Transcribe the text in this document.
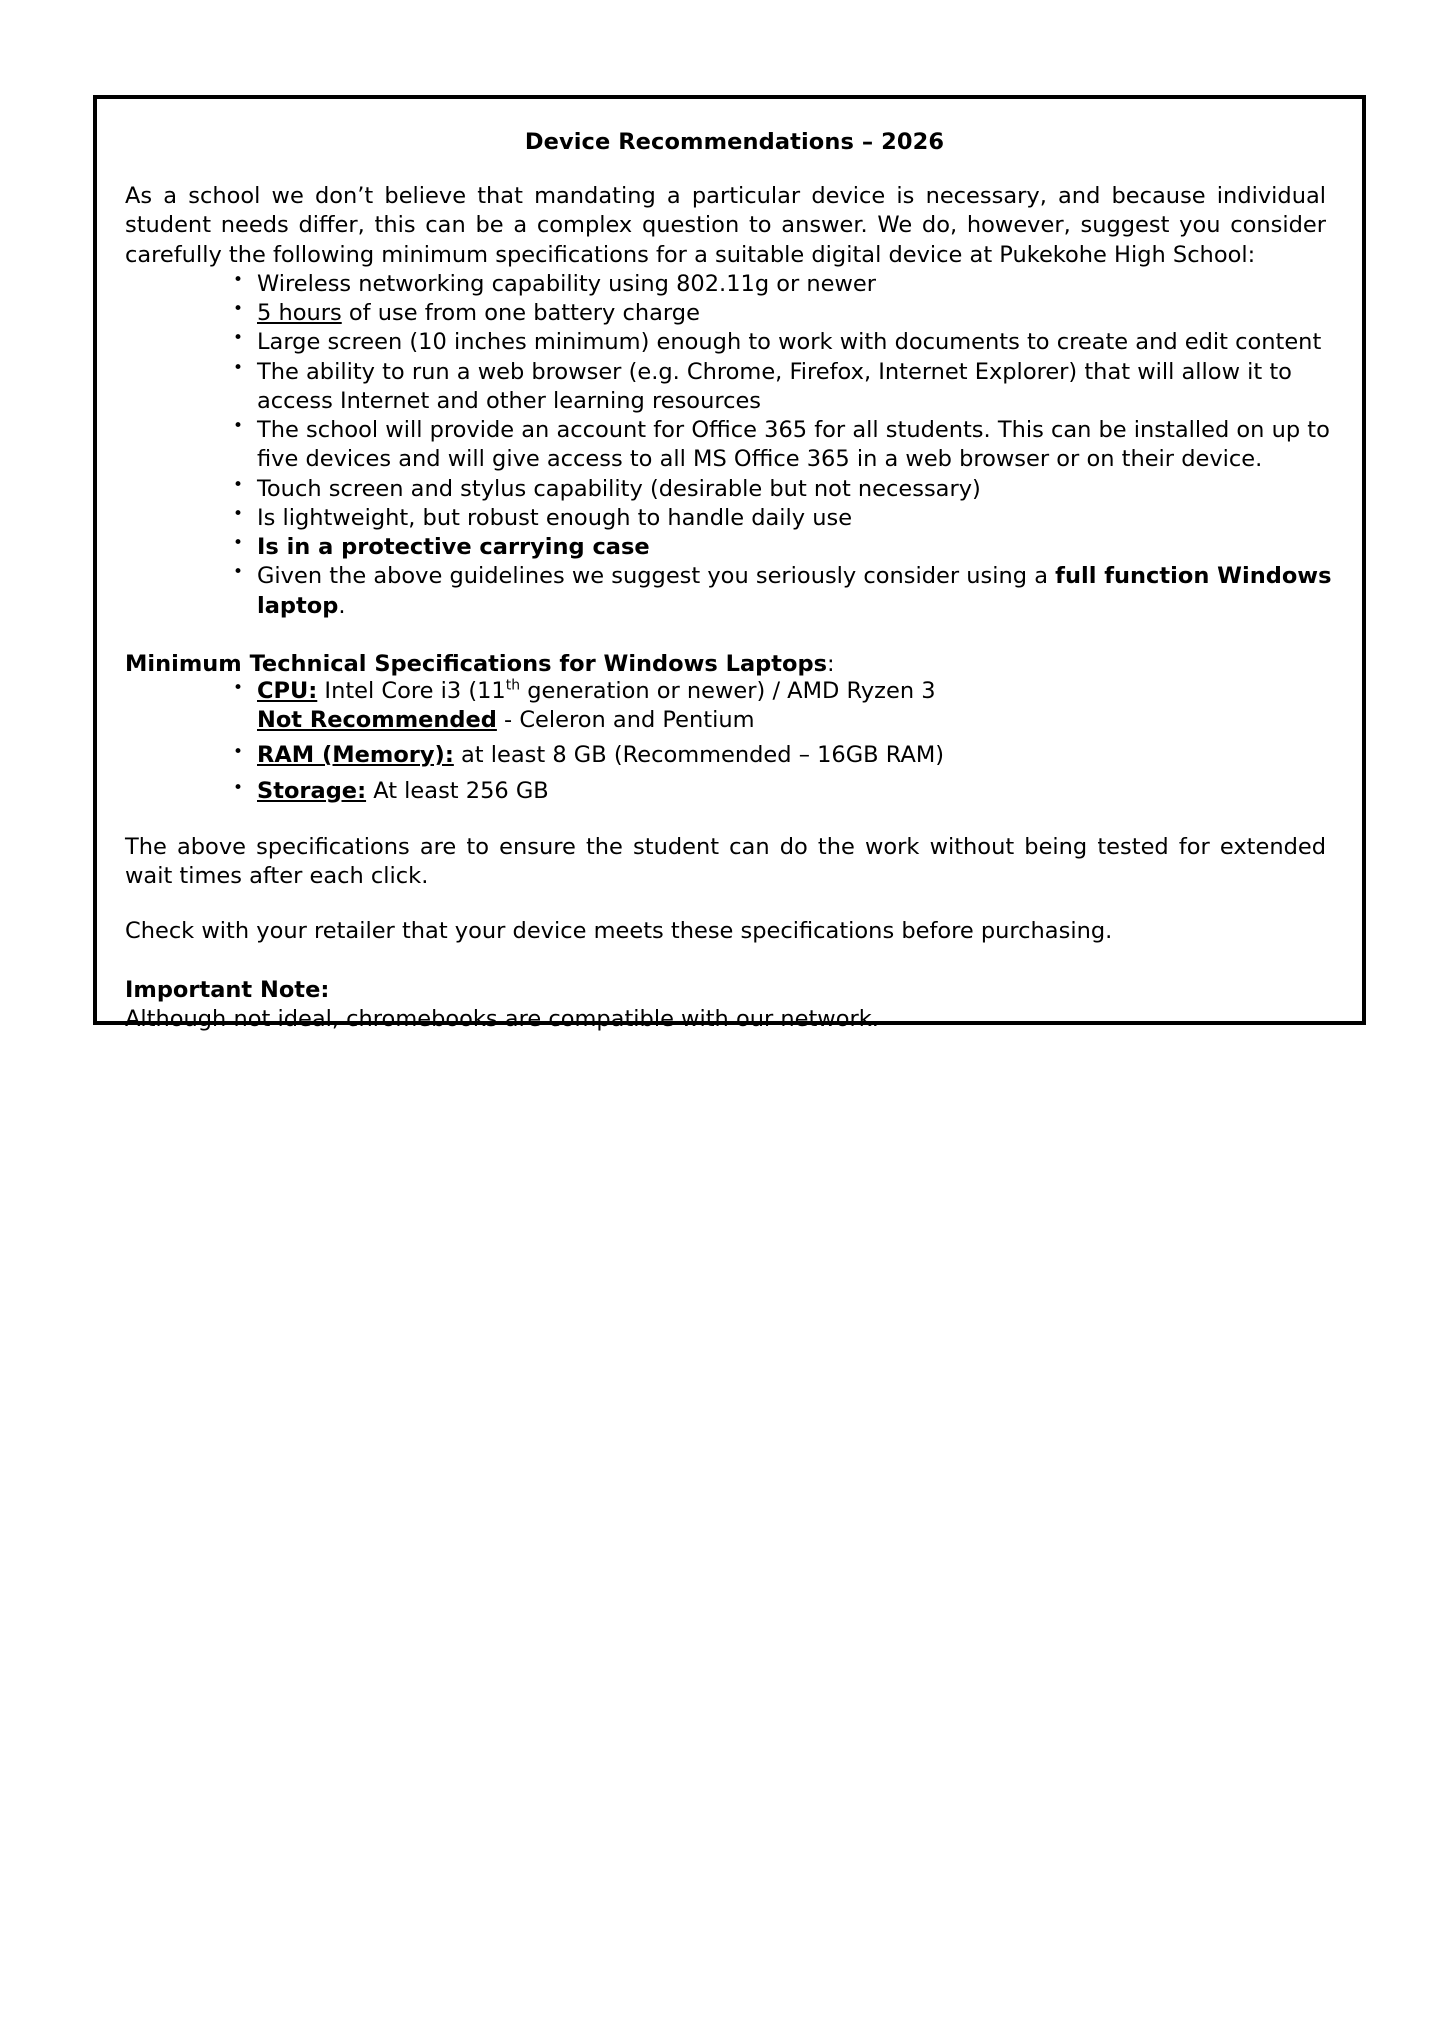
Device Recommendations – 2026

As a school we don’t believe that mandating a particular device is necessary, and because individual student needs differ, this can be a complex question to answer. We do, however, suggest you consider carefully the following minimum specifications for a suitable digital device at Pukekohe High School:

• Wireless networking capability using 802.11g or newer
• 5 hours of use from one battery charge
• Large screen (10 inches minimum) enough to work with documents to create and edit content
• The ability to run a web browser (e.g. Chrome, Firefox, Internet Explorer) that will allow it to access Internet and other learning resources
• The school will provide an account for Office 365 for all students. This can be installed on up to five devices and will give access to all MS Office 365 in a web browser or on their device.
• Touch screen and stylus capability (desirable but not necessary)
• Is lightweight, but robust enough to handle daily use
• Is in a protective carrying case
• Given the above guidelines we suggest you seriously consider using a full function Windows laptop.

Minimum Technical Specifications for Windows Laptops:

• CPU: Intel Core i3 (11th generation or newer) / AMD Ryzen 3
Not Recommended - Celeron and Pentium
• RAM (Memory): at least 8 GB (Recommended – 16GB RAM)
• Storage: At least 256 GB

The above specifications are to ensure the student can do the work without being tested for extended wait times after each click.

Check with your retailer that your device meets these specifications before purchasing.

Important Note:

Although not ideal, chromebooks are compatible with our network.
